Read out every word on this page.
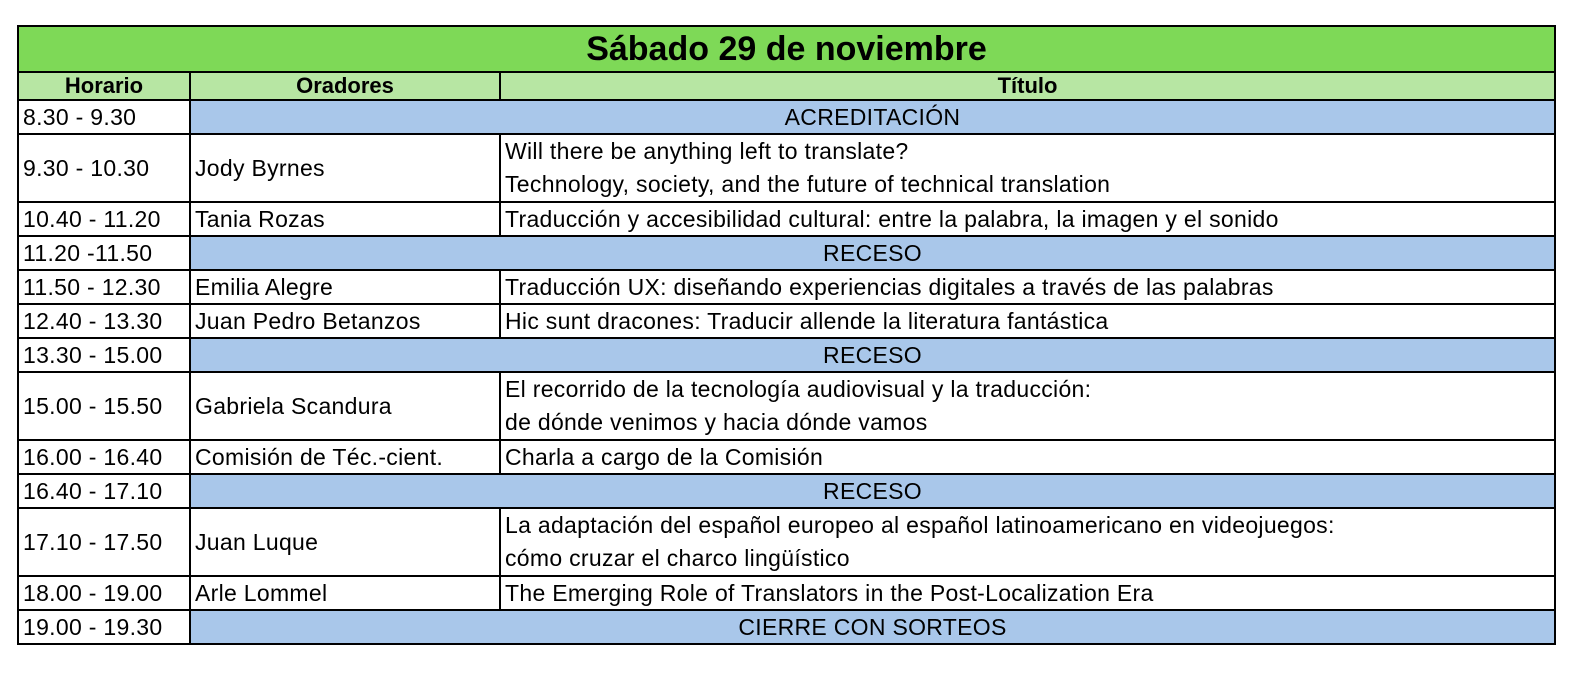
Sábado 29 de noviembre		
Horario	Oradores	Título
8.30 - 9.30	ACREDITACIÓN	
9.30 - 10.30	Jody Byrnes	Will there be anything left to translate?
Technology, society, and the future of technical translation

10.40 - 11.20	Tania Rozas	Traducción y accesibilidad cultural: entre la palabra, la imagen y el sonido

11.20 -11.50	RECESO	
11.50 - 12.30	Emilia Alegre	Traducción UX: diseñando experiencias digitales a través de las palabras

12.40 - 13.30	Juan Pedro Betanzos	Hic sunt dracones: Traducir allende la literatura fantástica

13.30 - 15.00	RECESO	
15.00 - 15.50	Gabriela Scandura	El recorrido de la tecnología audiovisual y la traducción:
de dónde venimos y hacia dónde vamos

16.00 - 16.40	Comisión de Téc.-cient.	Charla a cargo de la Comisión

16.40 - 17.10	RECESO	
17.10 - 17.50	Juan Luque	La adaptación del español europeo al español latinoamericano en videojuegos:
cómo cruzar el charco lingüístico

18.00 - 19.00	Arle Lommel	The Emerging Role of Translators in the Post-Localization Era

19.00 - 19.30	CIERRE CON SORTEOS	
